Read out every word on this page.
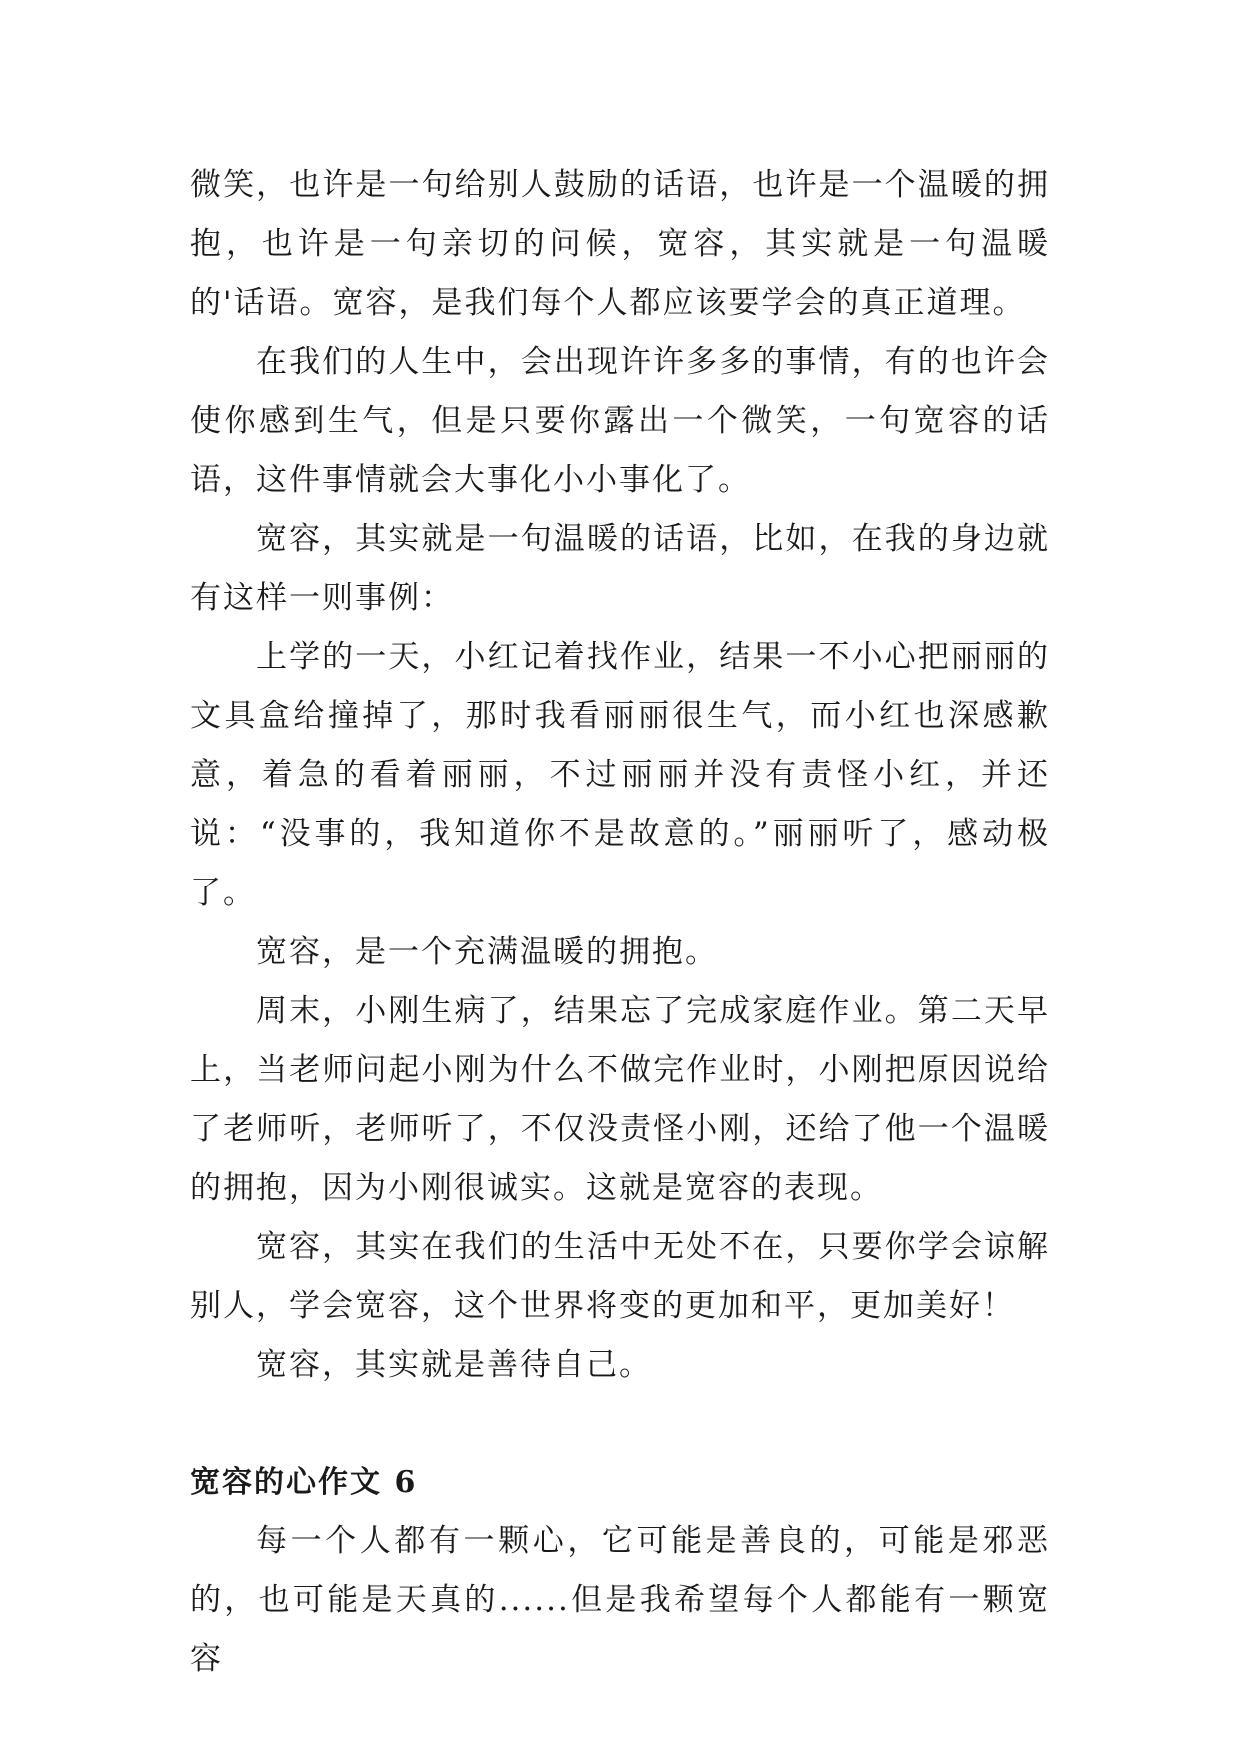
微笑，也许是一句给别人鼓励的话语，也许是一个温暖的拥抱，也许是一句亲切的问候，宽容，其实就是一句温暖的'话语。宽容，是我们每个人都应该要学会的真正道理。

在我们的人生中，会出现许许多多的事情，有的也许会使你感到生气，但是只要你露出一个微笑，一句宽容的话语，这件事情就会大事化小小事化了。

宽容，其实就是一句温暖的话语，比如，在我的身边就有这样一则事例：

上学的一天，小红记着找作业，结果一不小心把丽丽的文具盒给撞掉了，那时我看丽丽很生气，而小红也深感歉意，着急的看着丽丽，不过丽丽并没有责怪小红，并还说：“没事的，我知道你不是故意的。”丽丽听了，感动极了。

宽容，是一个充满温暖的拥抱。

周末，小刚生病了，结果忘了完成家庭作业。第二天早上，当老师问起小刚为什么不做完作业时，小刚把原因说给了老师听，老师听了，不仅没责怪小刚，还给了他一个温暖的拥抱，因为小刚很诚实。这就是宽容的表现。

宽容，其实在我们的生活中无处不在，只要你学会谅解别人，学会宽容，这个世界将变的更加和平，更加美好！

宽容，其实就是善待自己。

宽容的心作文 6

每一个人都有一颗心，它可能是善良的，可能是邪恶的，也可能是天真的......但是我希望每个人都能有一颗宽容
